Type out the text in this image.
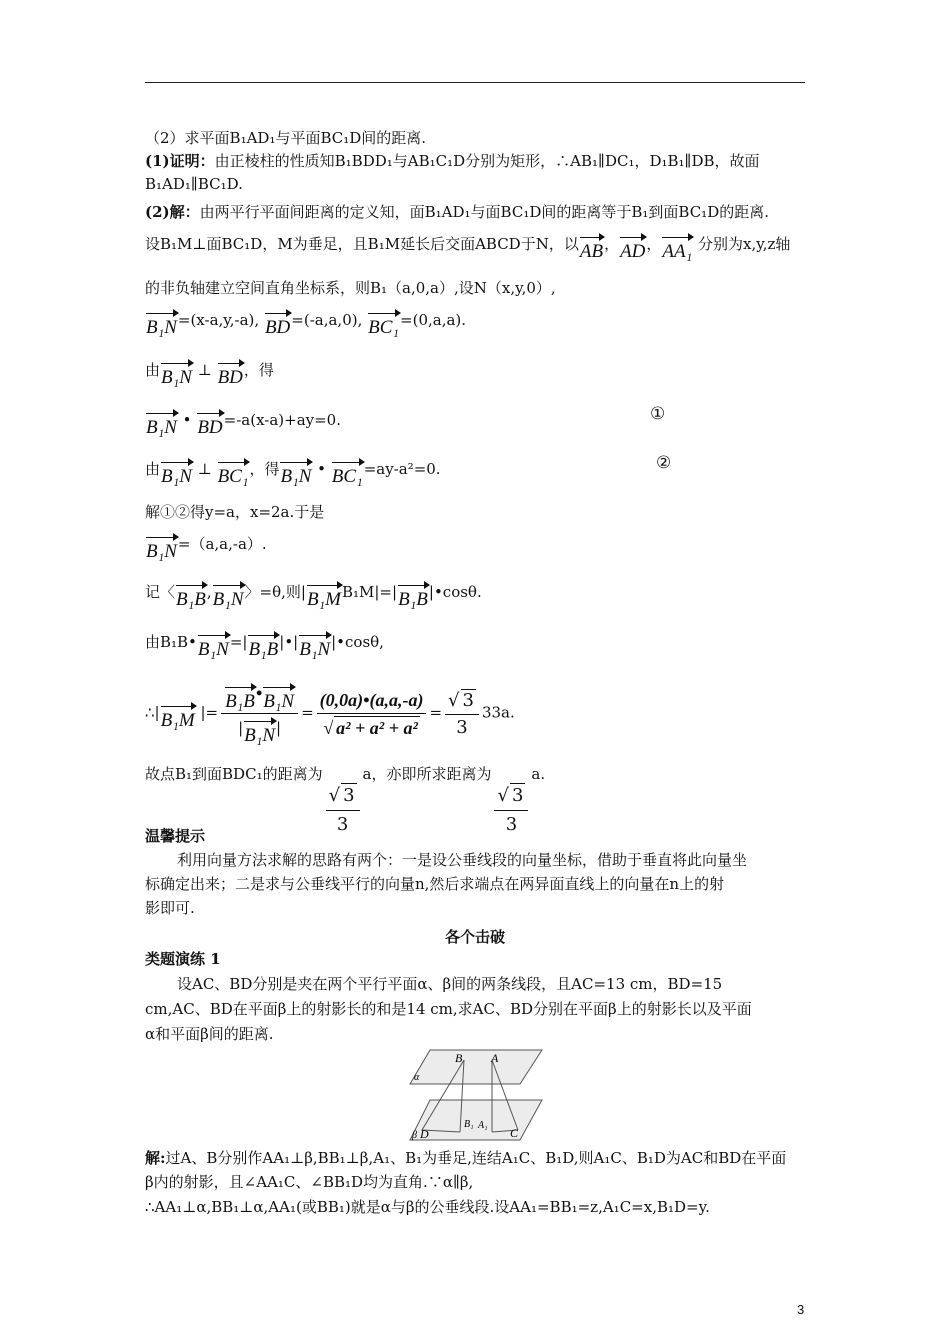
（2）求平面B₁AD₁与平面BC₁D间的距离.
(1)证明：由正棱柱的性质知B₁BDD₁与AB₁C₁D分别为矩形，∴AB₁∥DC₁，D₁B₁∥DB，故面
B₁AD₁∥BC₁D.
(2)解：由两平行平面间距离的定义知，面B₁AD₁与面BC₁D间的距离等于B₁到面BC₁D的距离.
设B₁M⊥面BC₁D，M为垂足，且B₁M延长后交面ABCD于N，以AB，AD，AA₁ 分别为x,y,z轴
的非负轴建立空间直角坐标系，则B₁（a,0,a）,设N（x,y,0）,
B₁N=(x-a,y,-a), BD=(-a,a,0), BC₁=(0,a,a).
由B₁N ⊥ BD，得
B₁N • BD=-a(x-a)+ay=0.	①
由B₁N ⊥ BC₁，得B₁N • BC₁=ay-a²=0.	②
解①②得y=a，x=2a.于是
B₁N=（a,a,-a）.
记〈B₁B,B₁N〉=θ,则|B₁MB₁M|=|B₁B|•cosθ.
由B₁B•B₁N=|B₁B|•|B₁N|•cosθ,
∴|B₁M |= $\frac{\text{B₁B•B₁N}}{\text{|B₁N|}} = \frac{(0,0a)•(a,a,-a)}{\text{√ a² + a² + a²}} = \frac{√ 3}{3} 33a$.
故点B₁到面BDC₁的距离为
$\frac{√ 3}{3}$
a，亦即所求距离为
$\frac{√ 3}{3}$
a.
温馨提示
利用向量方法求解的思路有两个：一是设公垂线段的向量坐标，借助于垂直将此向量坐
标确定出来；二是求与公垂线平行的向量n,然后求端点在两异面直线上的向量在n上的射
影即可.
各个击破
类题演练 1
设AC、BD分别是夹在两个平行平面α、β间的两条线段，且AC=13 cm，BD=15
cm,AC、BD在平面β上的射影长的和是14 cm,求AC、BD分别在平面β上的射影长以及平面
α和平面β间的距离.
α
B A
β D
B₁ A₁
C
解:过A、B分别作AA₁⊥β,BB₁⊥β,A₁、B₁为垂足,连结A₁C、B₁D,则A₁C、B₁D为AC和BD在平面
β内的射影，且∠AA₁C、∠BB₁D均为直角.∵α∥β,
∴AA₁⊥α,BB₁⊥α,AA₁(或BB₁)就是α与β的公垂线段.设AA₁=BB₁=z,A₁C=x,B₁D=y.
3
